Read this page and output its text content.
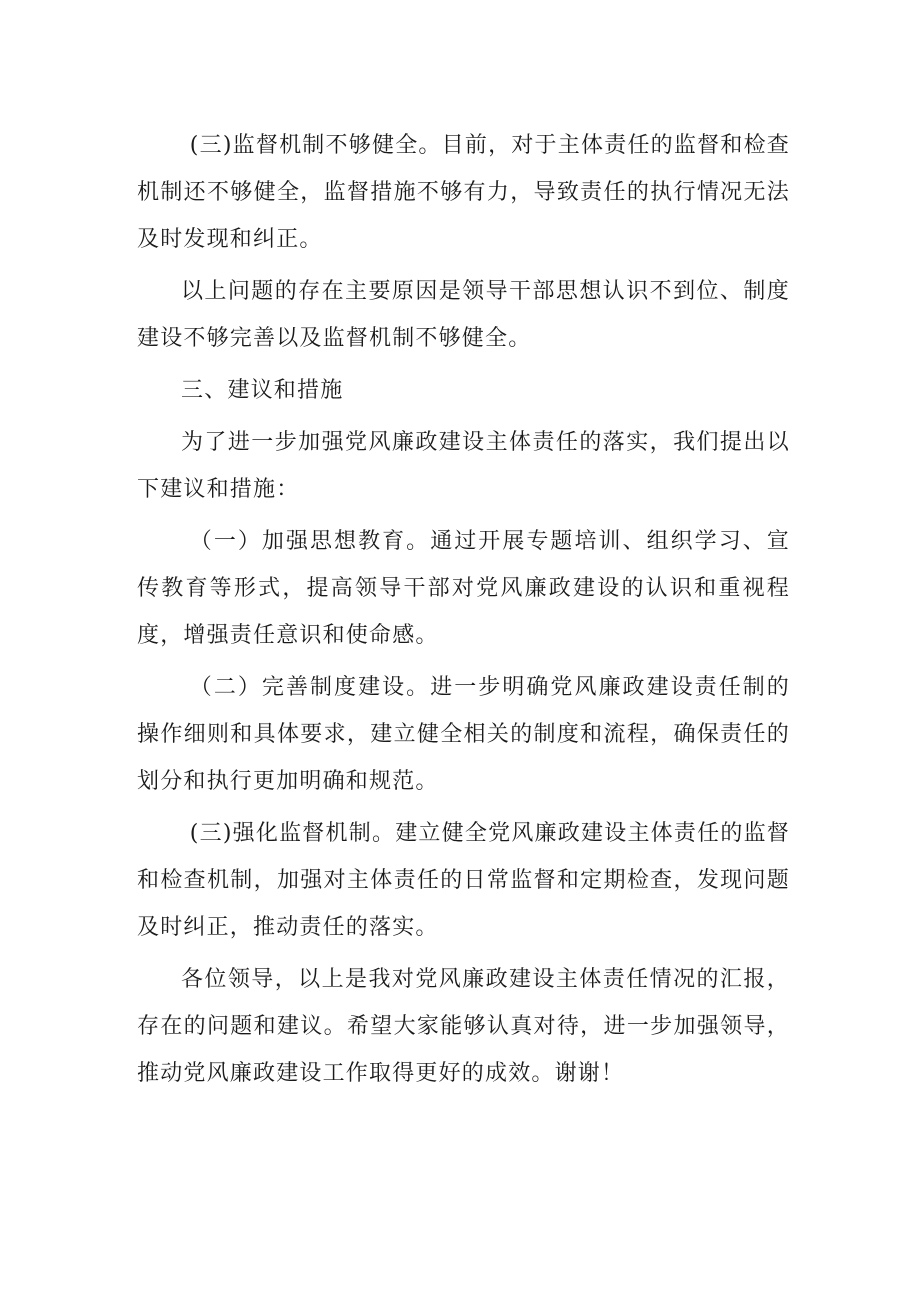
(三)监督机制不够健全。目前，对于主体责任的监督和检查机制还不够健全，监督措施不够有力，导致责任的执行情况无法及时发现和纠正。

以上问题的存在主要原因是领导干部思想认识不到位、制度建设不够完善以及监督机制不够健全。

三、建议和措施

为了进一步加强党风廉政建设主体责任的落实，我们提出以下建议和措施：

（一）加强思想教育。通过开展专题培训、组织学习、宣传教育等形式，提高领导干部对党风廉政建设的认识和重视程度，增强责任意识和使命感。

（二）完善制度建设。进一步明确党风廉政建设责任制的操作细则和具体要求，建立健全相关的制度和流程，确保责任的划分和执行更加明确和规范。

(三)强化监督机制。建立健全党风廉政建设主体责任的监督和检查机制，加强对主体责任的日常监督和定期检查，发现问题及时纠正，推动责任的落实。

各位领导，以上是我对党风廉政建设主体责任情况的汇报，存在的问题和建议。希望大家能够认真对待，进一步加强领导，推动党风廉政建设工作取得更好的成效。谢谢！
